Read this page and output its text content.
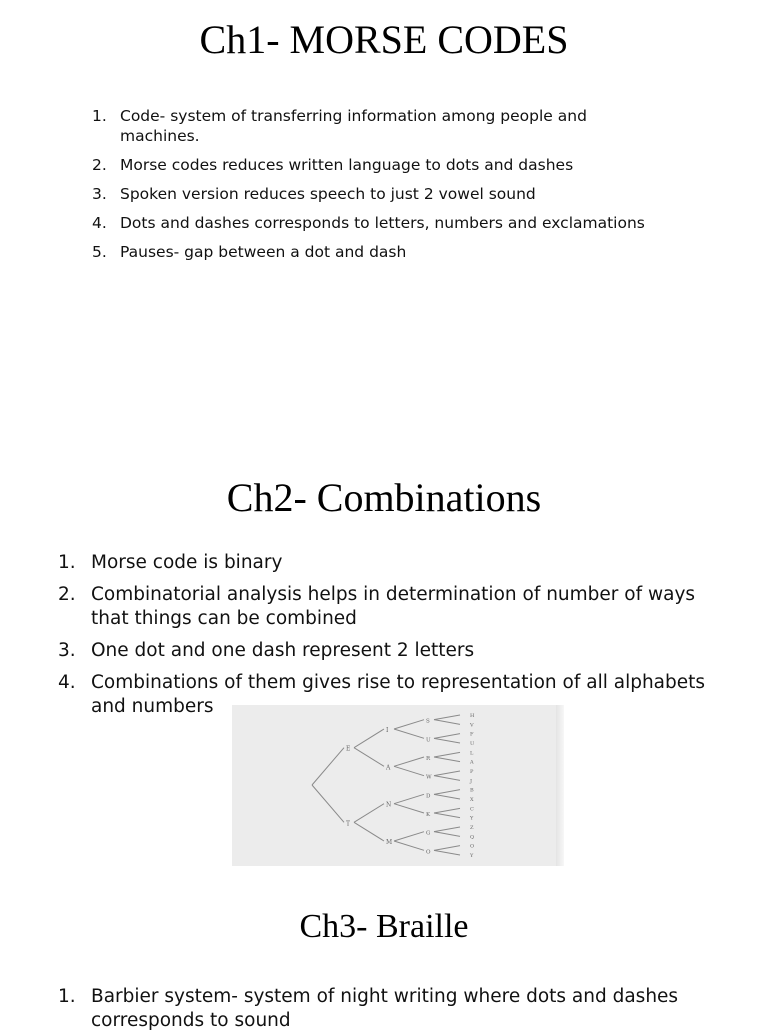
Ch1- MORSE CODES
1. Code- system of transferring information among people and machines.
2. Morse codes reduces written language to dots and dashes
3. Spoken version reduces speech to just 2 vowel sound
4. Dots and dashes corresponds to letters, numbers and exclamations
5. Pauses- gap between a dot and dash
Ch2- Combinations
1. Morse code is binary
2. Combinatorial analysis helps in determination of number of ways that things can be combined
3. One dot and one dash represent 2 letters
4. Combinations of them gives rise to representation of all alphabets and numbers
E
T
I
A
N
M
S
U
R
W
D
K
G
O
H
V
F
U
L
A
P
J
B
X
C
Y
Z
Q
O
Y
Ch3- Braille
1. Barbier system- system of night writing where dots and dashes corresponds to sound
